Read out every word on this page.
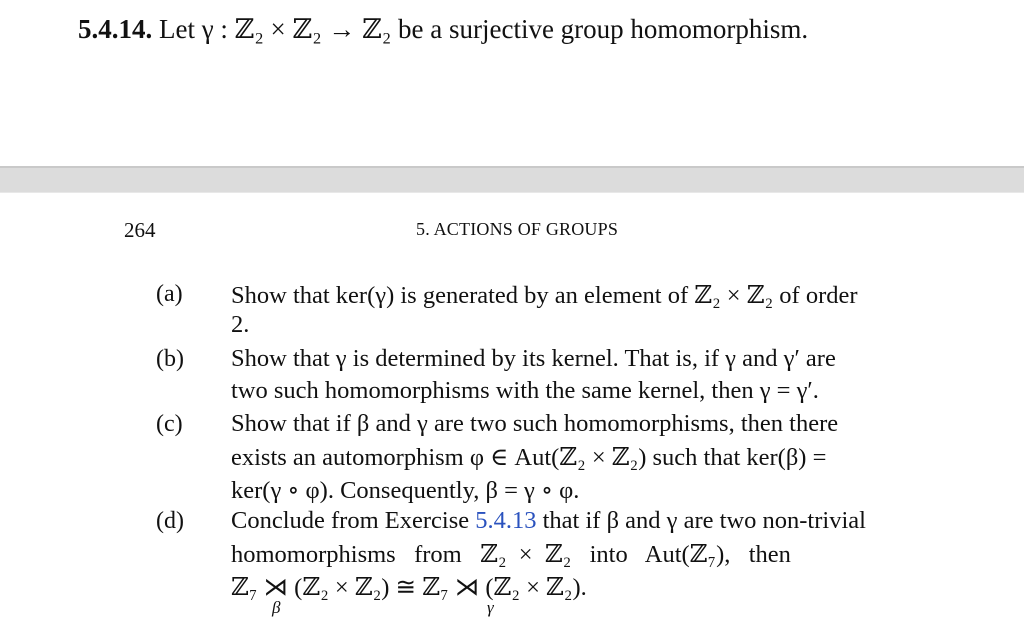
5.4.14. Let γ : ℤ₂ × ℤ₂ → ℤ₂ be a surjective group homomorphism.
264	5. ACTIONS OF GROUPS
(a) Show that ker(γ) is generated by an element of ℤ₂ × ℤ₂ of order
2.
(b) Show that γ is determined by its kernel. That is, if γ and γ′ are
two such homomorphisms with the same kernel, then γ = γ′.
(c) Show that if β and γ are two such homomorphisms, then there
exists an automorphism φ ∈ Aut(ℤ₂ × ℤ₂) such that ker(β) =
ker(γ ∘ φ). Consequently, β = γ ∘ φ.
(d) Conclude from Exercise 5.4.13 that if β and γ are two non-trivial
homomorphisms   from   ℤ₂  ×  ℤ₂   into   Aut(ℤ₇),   then
ℤ₇ ⋊ (ℤ₂ × ℤ₂) ≅ ℤ₇ ⋊ (ℤ₂ × ℤ₂).
β	γ
